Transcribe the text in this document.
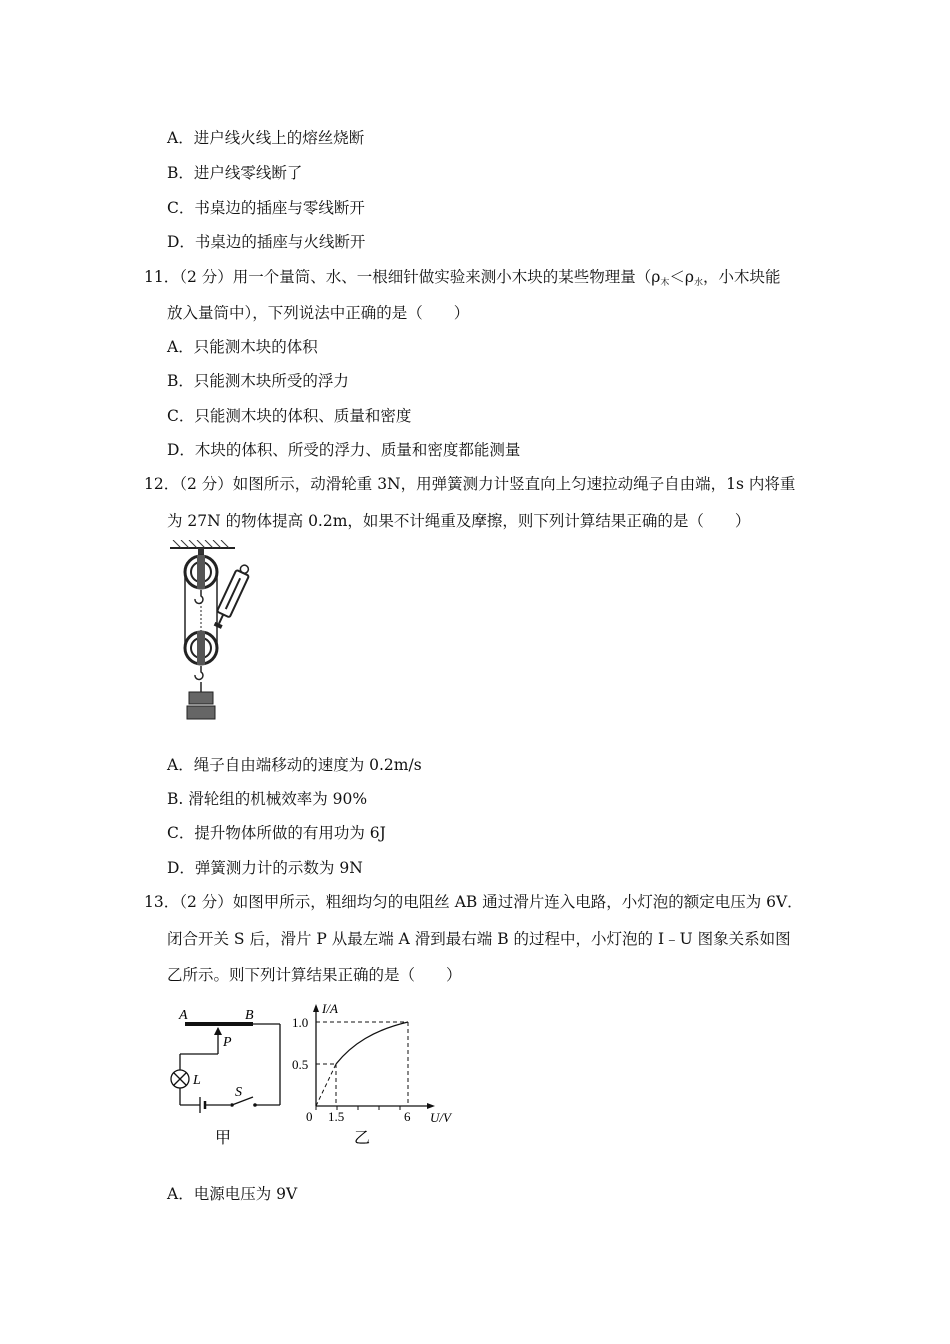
A．进户线火线上的熔丝烧断
B．进户线零线断了
C．书桌边的插座与零线断开
D．书桌边的插座与火线断开
11．（2 分）用一个量筒、水、一根细针做实验来测小木块的某些物理量（$\rho_木<\rho_水$，小木块能
放入量筒中），下列说法中正确的是（　　）
A．只能测木块的体积
B．只能测木块所受的浮力
C．只能测木块的体积、质量和密度
D．木块的体积、所受的浮力、质量和密度都能测量
12．（2 分）如图所示，动滑轮重 3N，用弹簧测力计竖直向上匀速拉动绳子自由端，1s 内将重
为 27N 的物体提高 0.2m，如果不计绳重及摩擦，则下列计算结果正确的是（　　）
A．绳子自由端移动的速度为 0.2m/s
B. 滑轮组的机械效率为 90%
C．提升物体所做的有用功为 6J
D．弹簧测力计的示数为 9N
13．（2 分）如图甲所示，粗细均匀的电阻丝 AB 通过滑片连入电路，小灯泡的额定电压为 6V．
闭合开关 S 后，滑片 P 从最左端 A 滑到最右端 B 的过程中，小灯泡的 I﹣U 图象关系如图
乙所示。则下列计算结果正确的是（　　）
A	B
P
L
S
甲
I/A
U/V
1.0
0.5
0 1.5	6
乙
A．电源电压为 9V
